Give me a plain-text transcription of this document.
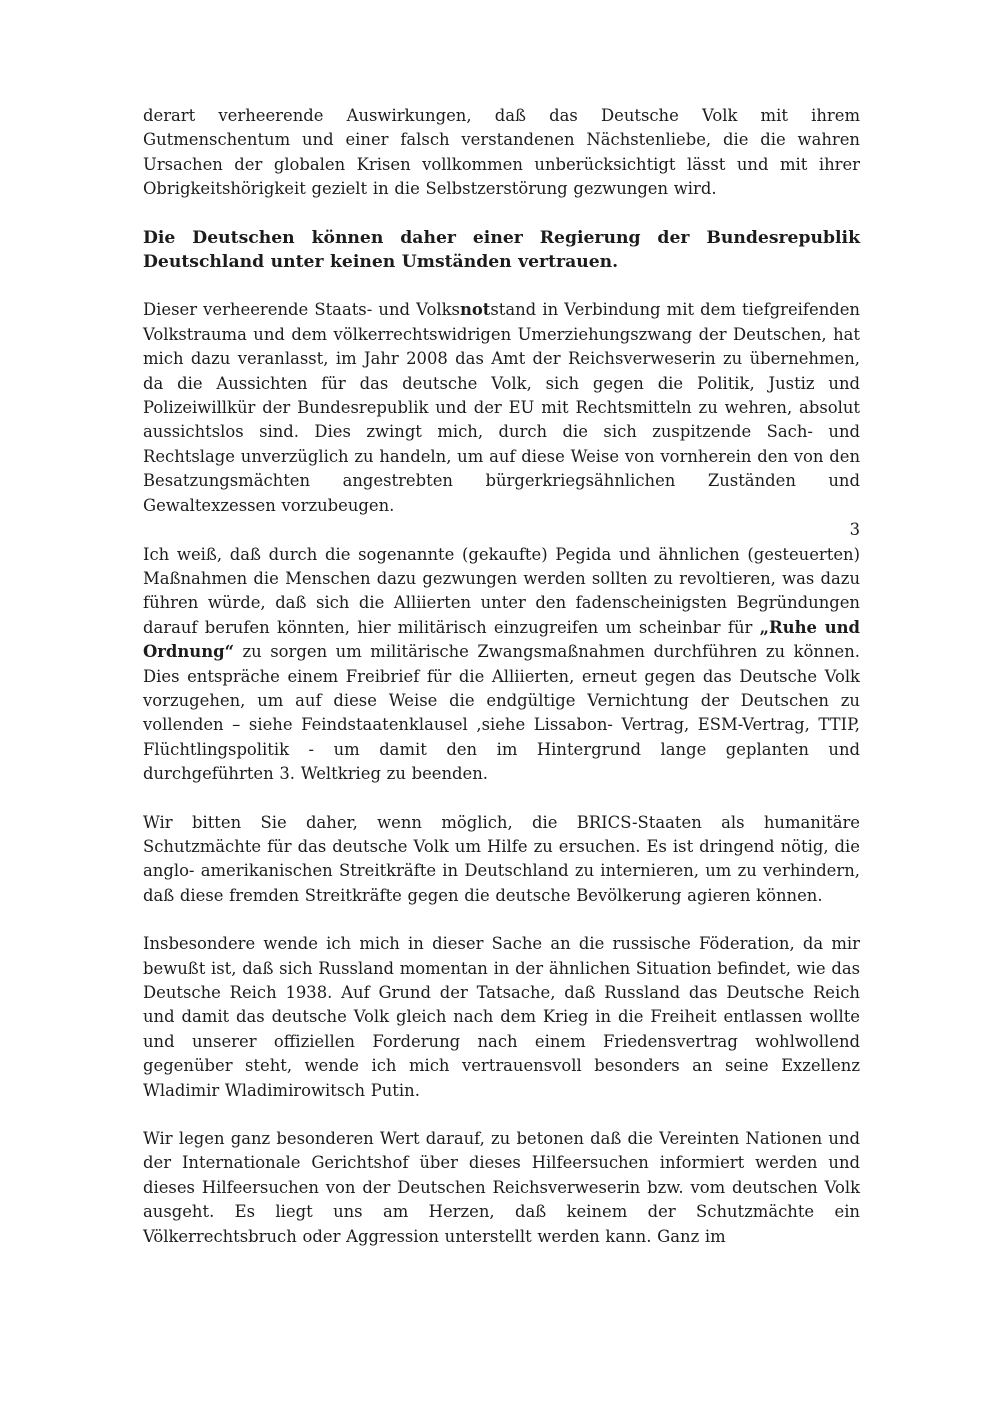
derart verheerende Auswirkungen, daß das Deutsche Volk mit ihrem Gutmenschentum und einer falsch verstandenen Nächstenliebe, die die wahren Ursachen der globalen Krisen vollkommen unberücksichtigt lässt und mit ihrer Obrigkeitshörigkeit gezielt in die Selbstzerstörung gezwungen wird.

Die Deutschen können daher einer Regierung der Bundesrepublik Deutschland unter keinen Umständen vertrauen.

Dieser verheerende Staats- und Volksnotstand in Verbindung mit dem tiefgreifenden Volkstrauma und dem völkerrechtswidrigen Umerziehungszwang der Deutschen, hat mich dazu veranlasst, im Jahr 2008 das Amt der Reichsverweserin zu übernehmen, da die Aussichten für das deutsche Volk, sich gegen die Politik, Justiz und Polizeiwillkür der Bundesrepublik und der EU mit Rechtsmitteln zu wehren, absolut aussichtslos sind. Dies zwingt mich, durch die sich zuspitzende Sach- und Rechtslage unverzüglich zu handeln, um auf diese Weise von vornherein den von den Besatzungsmächten angestrebten bürgerkriegsähnlichen Zuständen und Gewaltexzessen vorzubeugen.

3

Ich weiß, daß durch die sogenannte (gekaufte) Pegida und ähnlichen (gesteuerten) Maßnahmen die Menschen dazu gezwungen werden sollten zu revoltieren, was dazu führen würde, daß sich die Alliierten unter den fadenscheinigsten Begründungen darauf berufen könnten, hier militärisch einzugreifen um scheinbar für „Ruhe und Ordnung“ zu sorgen um militärische Zwangsmaßnahmen durchführen zu können. Dies entspräche einem Freibrief für die Alliierten, erneut gegen das Deutsche Volk vorzugehen, um auf diese Weise die endgültige Vernichtung der Deutschen zu vollenden – siehe Feindstaatenklausel ,siehe Lissabon- Vertrag, ESM-Vertrag, TTIP, Flüchtlingspolitik - um damit den im Hintergrund lange geplanten und durchgeführten 3. Weltkrieg zu beenden.

Wir bitten Sie daher, wenn möglich, die BRICS-Staaten als humanitäre Schutzmächte für das deutsche Volk um Hilfe zu ersuchen. Es ist dringend nötig, die anglo- amerikanischen Streitkräfte in Deutschland zu internieren, um zu verhindern, daß diese fremden Streitkräfte gegen die deutsche Bevölkerung agieren können.

Insbesondere wende ich mich in dieser Sache an die russische Föderation, da mir bewußt ist, daß sich Russland momentan in der ähnlichen Situation befindet, wie das Deutsche Reich 1938. Auf Grund der Tatsache, daß Russland das Deutsche Reich und damit das deutsche Volk gleich nach dem Krieg in die Freiheit entlassen wollte und unserer offiziellen Forderung nach einem Friedensvertrag wohlwollend gegenüber steht, wende ich mich vertrauensvoll besonders an seine Exzellenz Wladimir Wladimirowitsch Putin.

Wir legen ganz besonderen Wert darauf, zu betonen daß die Vereinten Nationen und der Internationale Gerichtshof über dieses Hilfeersuchen informiert werden und dieses Hilfeersuchen von der Deutschen Reichsverweserin bzw. vom deutschen Volk ausgeht. Es liegt uns am Herzen, daß keinem der Schutzmächte ein Völkerrechtsbruch oder Aggression unterstellt werden kann. Ganz im
